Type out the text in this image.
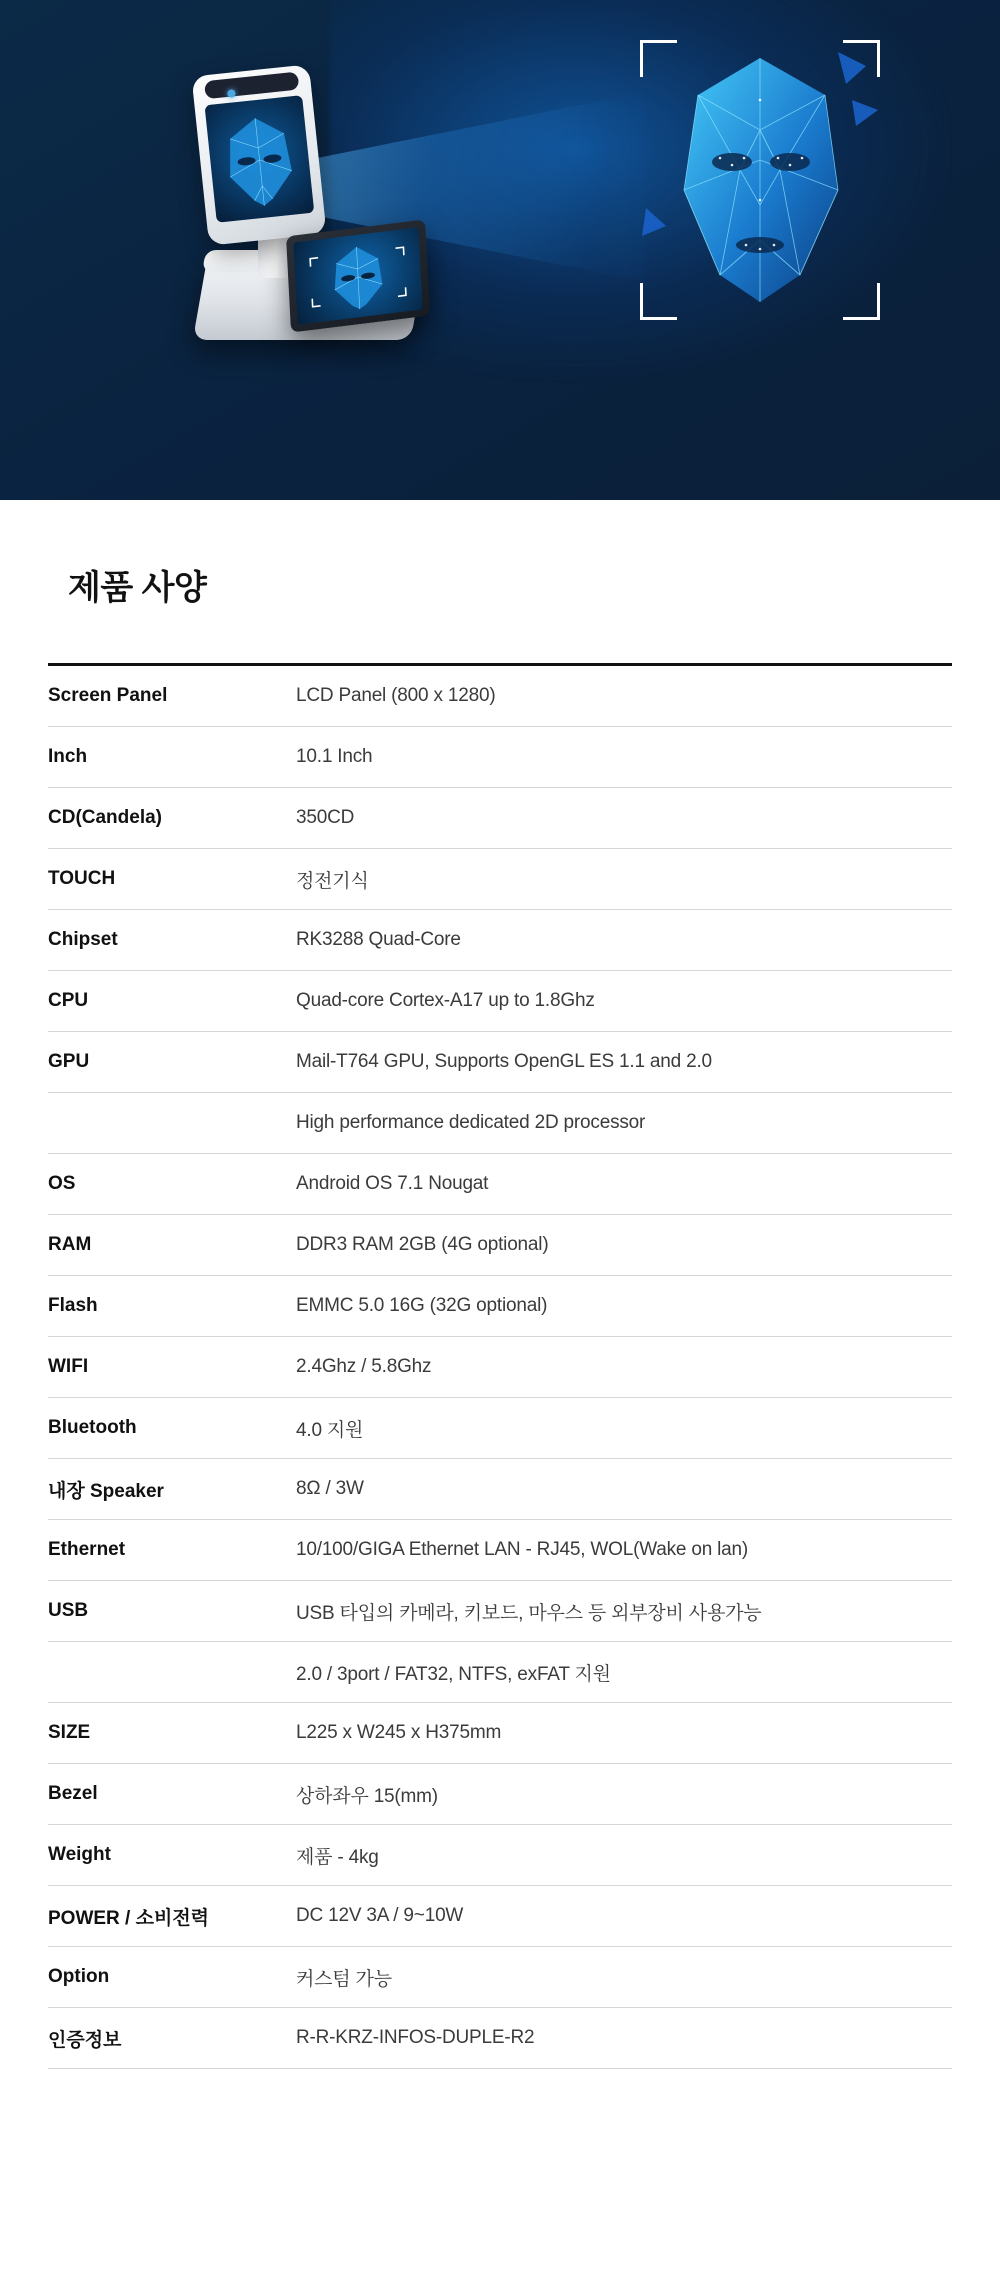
제품 사양

Screen Panel	LCD Panel (800 x 1280)
Inch	10.1 Inch
CD(Candela)	350CD
TOUCH	정전기식
Chipset	RK3288 Quad-Core
CPU	Quad-core Cortex-A17 up to 1.8Ghz
GPU	Mail-T764 GPU, Supports OpenGL ES 1.1 and 2.0
	High performance dedicated 2D processor
OS	Android OS 7.1 Nougat
RAM	DDR3 RAM 2GB (4G optional)
Flash	EMMC 5.0 16G (32G optional)
WIFI	2.4Ghz / 5.8Ghz
Bluetooth	4.0 지원
내장 Speaker	8Ω / 3W
Ethernet	10/100/GIGA Ethernet LAN - RJ45, WOL(Wake on lan)
USB	USB 타입의 카메라, 키보드, 마우스 등 외부장비 사용가능
	2.0 / 3port / FAT32, NTFS, exFAT 지원
SIZE	L225 x W245 x H375mm
Bezel	상하좌우 15(mm)
Weight	제품 - 4kg
POWER / 소비전력	DC 12V 3A / 9~10W
Option	커스텀 가능
인증정보	R-R-KRZ-INFOS-DUPLE-R2
